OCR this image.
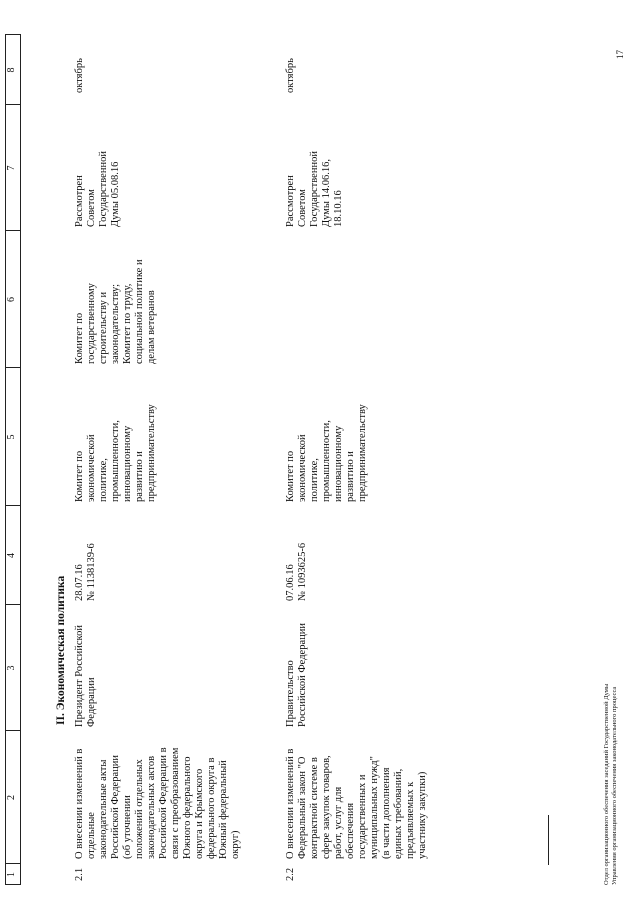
1
2
3
4
5
6
7
8
II. Экономическая политика
2.1
О внесении изменений в отдельные законодательные акты Российской Федерации (об уточнении положений отдельных законодательных актов Российской Федерации в связи с преобразованием Южного федерального округа и Крымского федерального округа в Южный федеральный округ)
Президент Российской Федерации
28.07.16 № 1138139-6
Комитет по экономической политике, промышленности, инновационному развитию и предпринимательству
Комитет по государственному строительству и законодательству; Комитет по труду, социальной политике и делам ветеранов
Рассмотрен Советом Государственной Думы 05.08.16
октябрь
2.2
О внесении изменений в Федеральный закон "О контрактной системе в сфере закупок товаров, работ, услуг для обеспечения государственных и муниципальных нужд" (в части дополнения единых требований, предъявляемых к участнику закупки)
Правительство Российской Федерации
07.06.16 № 1093625-6
Комитет по экономической политике, промышленности, инновационному развитию и предпринимательству
Рассмотрен Советом Государственной Думы 14.06.16, 18.10.16
октябрь
Отдел организационного обеспечения заседаний Государственной Думы Управления организационного обеспечения законодательного процесса
17
